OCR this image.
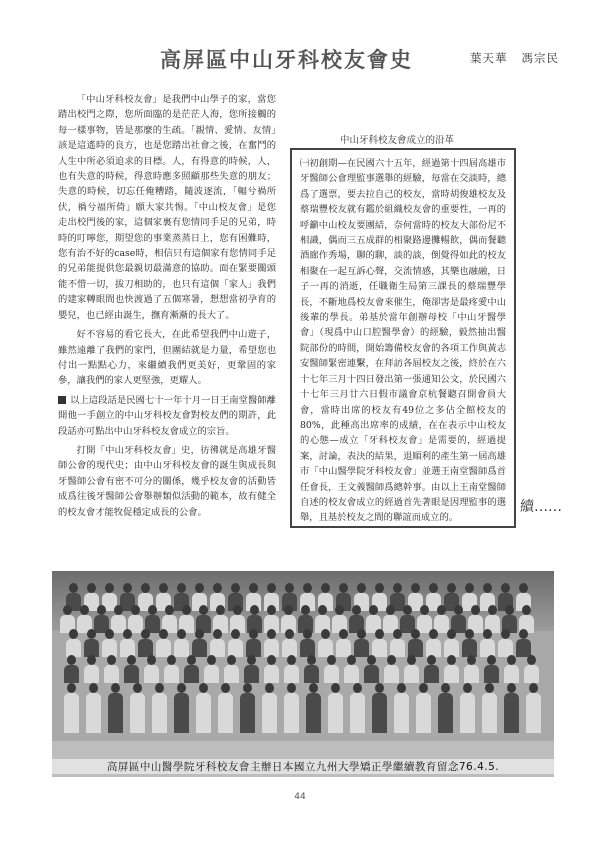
高屏區中山牙科校友會史	葉天華 馮宗民

「中山牙科校友會」是我們中山學子的家，當您踏出校門之際，您所面臨的是茫茫人海，您所接觸的每一樣事物，皆是那麼的生疏。「親情、愛情、友情」該是這遙時的良方，也是您踏出社會之後，在奮鬥的人生中所必須追求的目標。人，有得意的時候，人，也有失意的時候，得意時應多照顧那些失意的朋友；失意的時候，切忘任俺糟踏，隨波逐流，「輻兮禍所伏，禍兮福所倚」願大家共惕。「中山校友會」是您走出校門後的家，這個家裏有您情同手足的兄弟，時時的叮嚀您，期望您的事業蒸蒸日上，您有困難時，您有治不好的case時，相信只有這個家有您情同手足的兄弟能提供您最親切最滿意的協助。面在緊要關頭能不惜一切，拔刀相助的，也只有這個「家人」我們的建家轉眼間也快渡過了五個寒暑，想想當初孕育的嬰兒，也已經由誕生，撫育漸漸的長大了。

好不容易的看它長大，在此希望我們中山遊子，雖然遠離了我們的家門，但團結就是力量，希望您也付出一點點心力，來繼續我們更美好，更鞏固的家參，讓我們的家人更堅強，更耀人。

以上這段話是民國七十一年十月一日王南堂醫師離開他一手創立的中山牙科校友會對校友們的期許，此段話亦可點出中山牙科校友會成立的宗旨。

打開「中山牙科校友會」史，彷彿就是高雄牙醫師公會的現代史；由中山牙科校友會的誕生與成長與牙醫師公會有密不可分的關係，幾乎校友會的活動皆成爲往後牙醫師公會舉辦類似活動的範本，故有健全的校友會才能牧促穩定成長的公會。

中山牙科校友會成立的沿革

㈠初創期—在民國六十五年，經過第十四屆高雄市牙醫師公會理監事選舉的經驗，毎當在交談時，總爲了選票，要去拉自己的校友，當時胡俊雄校友及蔡瑞豐校友就有鑑於組織校友會的重要性，一再的呼籲中山校友要團結，奈何當時的校友大部份尼不相識，偶而三五成群的相聚路邊攤暢飲，偶而餐聽酒廊作秀場，聊的聊，談的談，倒覺得如此的校友相聚在一起互訴心聲，交流情感，其樂也融融，日子一再的消逝，任職衛生局第三課長的蔡瑞豐學長，不斷地爲校友會來催生，俺卻害是最疼愛中山後輩的學長。弟基於當年創辦母校「中山牙醫學會」（現爲中山口腔醫學會）的經驗，毅然抽出醫院部份的時間，開始籌備校友會的各項工作與黃志安醫師緊密連繫，在拜訪各屆校友之後，終於在六十七年三月十四日發出第一張通知公文，於民國六十七年三月廿六日假市議會京杭餐聽召開會員大會，當時出席的校友有49位之多佔全館校友的80%，此種高出席率的成績，在在表示中山校友的心態—成立「牙科校友會」是需要的，經過提案，討論，表決的結果，退順利的產生第一屆高雄市「中山醫學院牙科校友會」並選王南堂醫師爲首任會長，王文義醫師爲總幹事。由以上王南堂醫師自述的校友會成立的經過首先著眼是因理監事的選舉，且基於校友之間的聯誼而成立的。

續……
高屏區中山醫學院牙科校友會主辦日本國立九州大學矯正學繼續教育留念76.4.5.
44
